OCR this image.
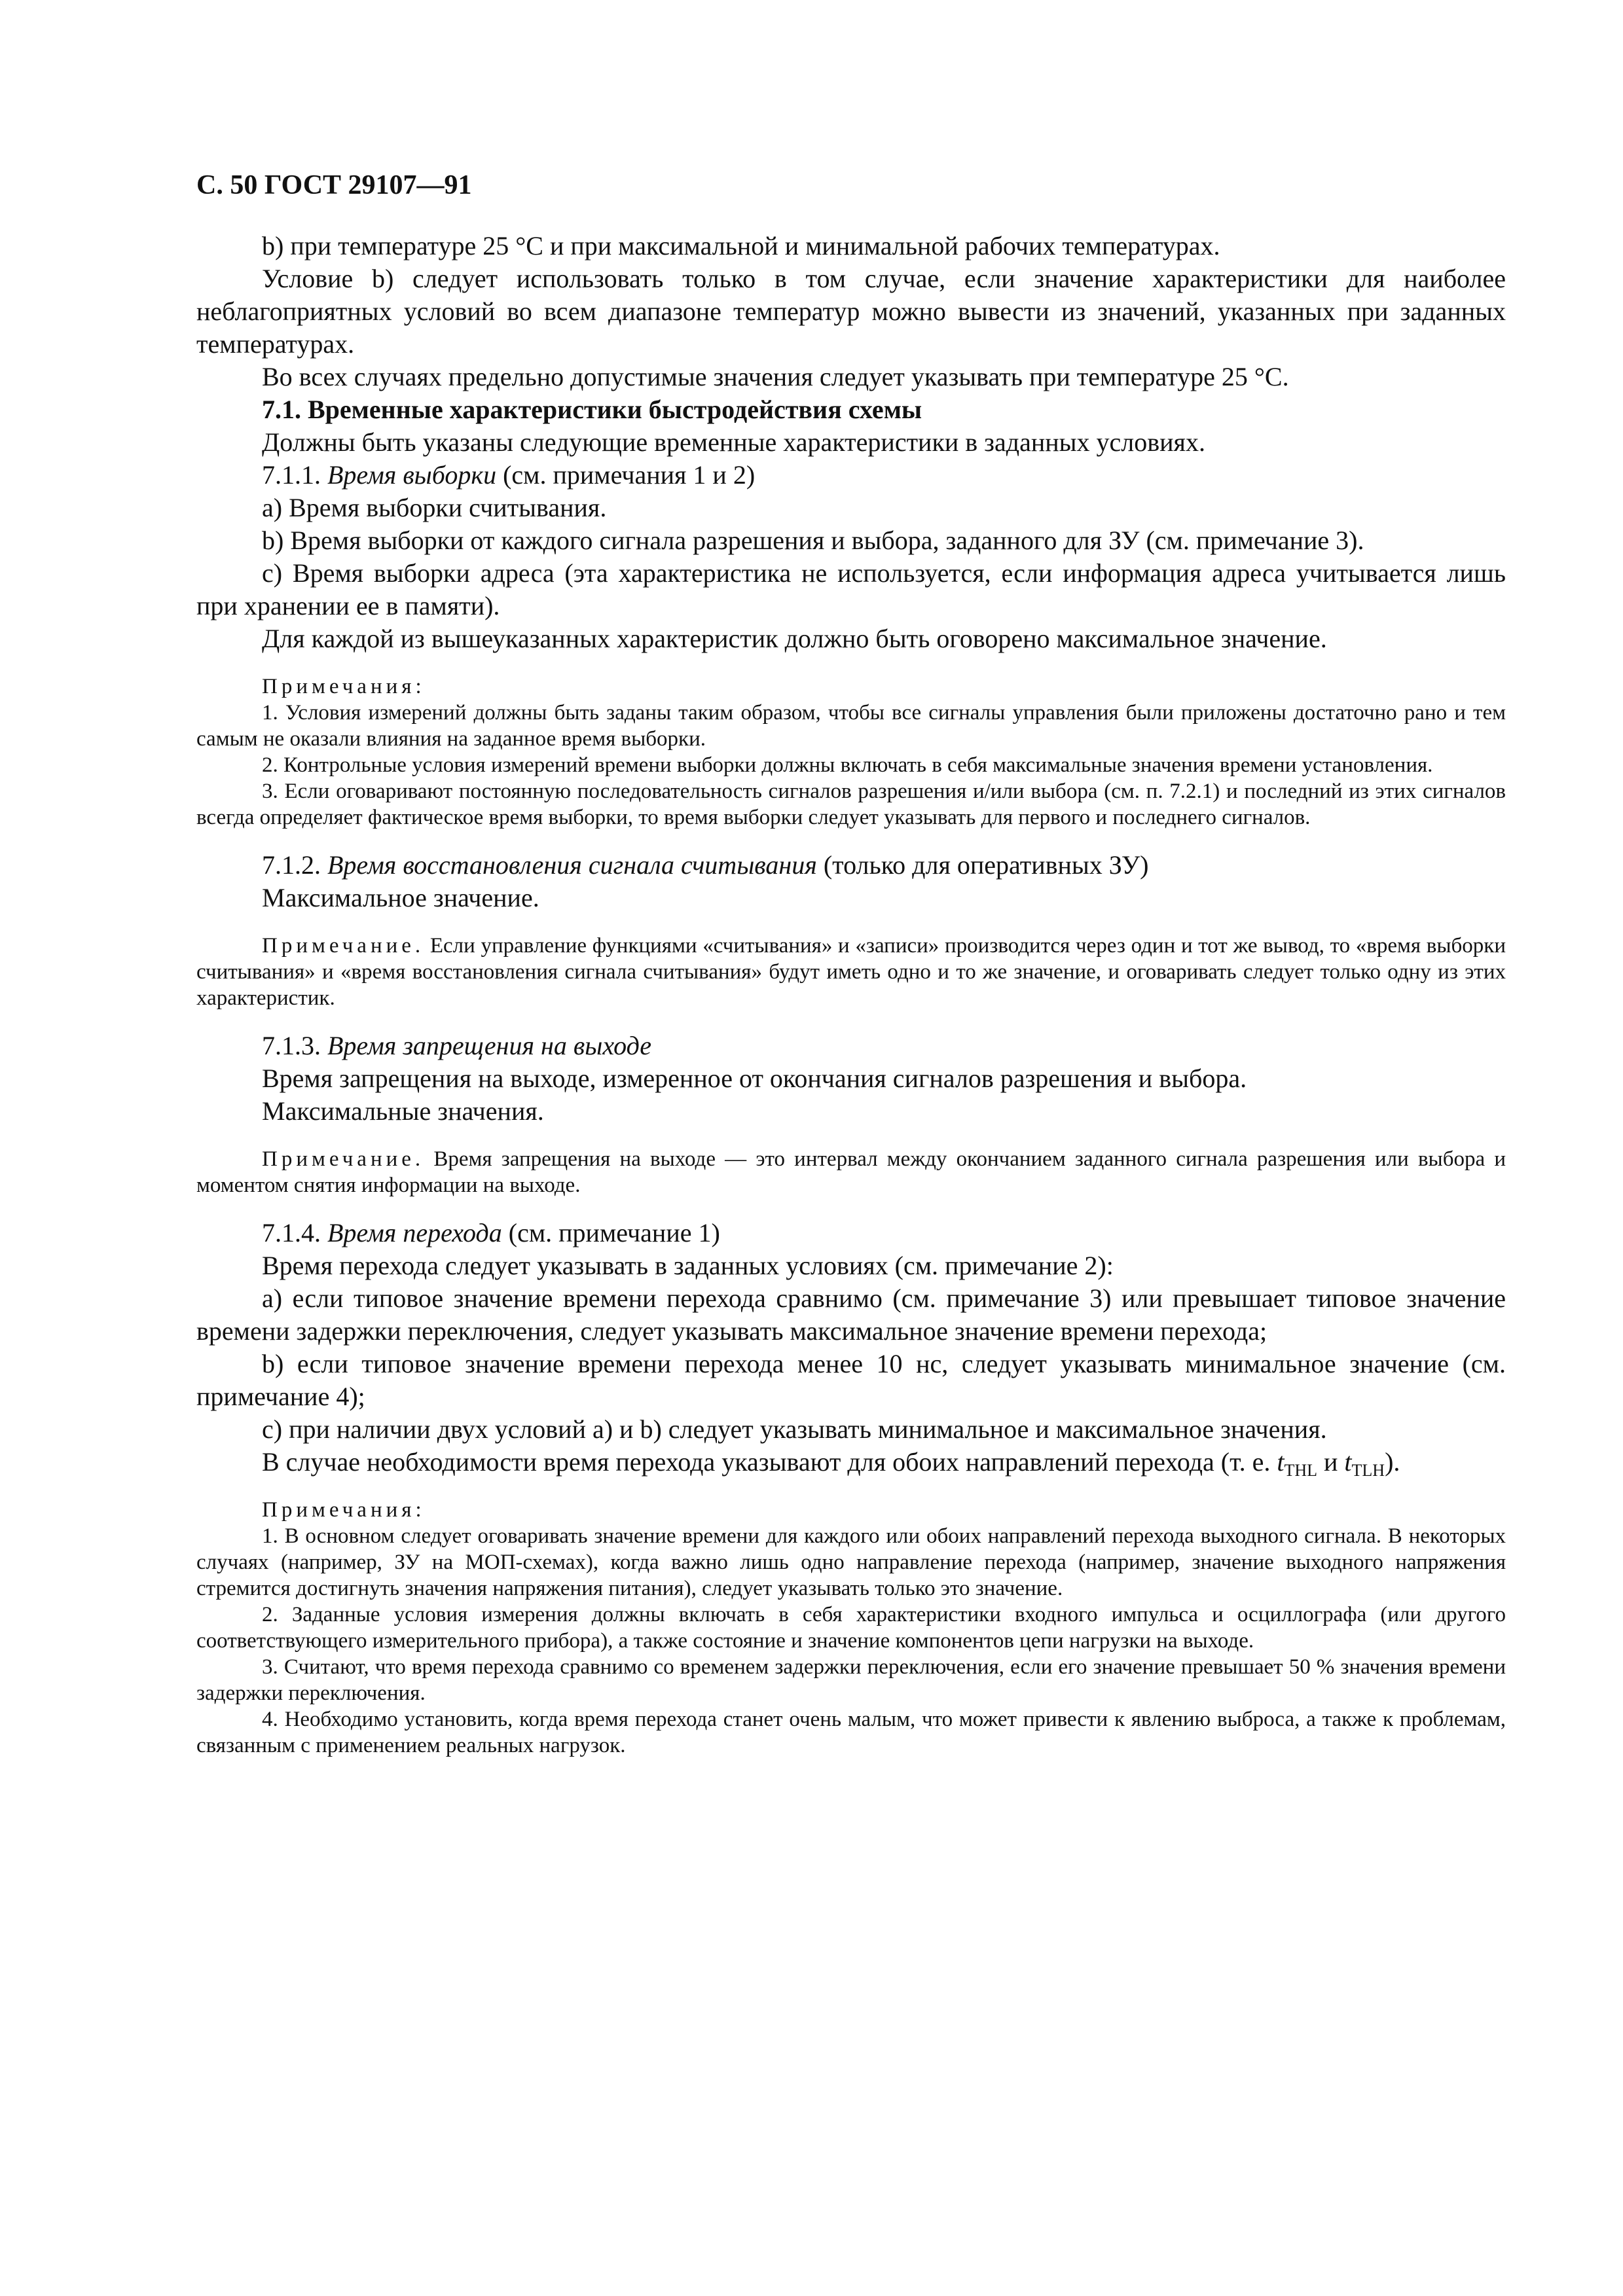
С. 50 ГОСТ 29107—91

b) при температуре 25 °С и при максимальной и минимальной рабочих температурах.

Условие b) следует использовать только в том случае, если значение характеристики для наиболее неблагоприятных условий во всем диапазоне температур можно вывести из значений, указанных при заданных температурах.

Во всех случаях предельно допустимые значения следует указывать при температуре 25 °С.

7.1. Временные характеристики быстродействия схемы

Должны быть указаны следующие временные характеристики в заданных условиях.

7.1.1. Время выборки (см. примечания 1 и 2)

a) Время выборки считывания.

b) Время выборки от каждого сигнала разрешения и выбора, заданного для ЗУ (см. примечание 3).

c) Время выборки адреса (эта характеристика не используется, если информация адреса учитывается лишь при хранении ее в памяти).

Для каждой из вышеуказанных характеристик должно быть оговорено максимальное значение.

Примечания:

1. Условия измерений должны быть заданы таким образом, чтобы все сигналы управления были приложены достаточно рано и тем самым не оказали влияния на заданное время выборки.

2. Контрольные условия измерений времени выборки должны включать в себя максимальные значения времени установления.

3. Если оговаривают постоянную последовательность сигналов разрешения и/или выбора (см. п. 7.2.1) и последний из этих сигналов всегда определяет фактическое время выборки, то время выборки следует указывать для первого и последнего сигналов.

7.1.2. Время восстановления сигнала считывания (только для оперативных ЗУ)

Максимальное значение.

Примечание. Если управление функциями «считывания» и «записи» производится через один и тот же вывод, то «время выборки считывания» и «время восстановления сигнала считывания» будут иметь одно и то же значение, и оговаривать следует только одну из этих характеристик.

7.1.3. Время запрещения на выходе

Время запрещения на выходе, измеренное от окончания сигналов разрешения и выбора.

Максимальные значения.

Примечание. Время запрещения на выходе — это интервал между окончанием заданного сигнала разрешения или выбора и моментом снятия информации на выходе.

7.1.4. Время перехода (см. примечание 1)

Время перехода следует указывать в заданных условиях (см. примечание 2):

a) если типовое значение времени перехода сравнимо (см. примечание 3) или превышает типовое значение времени задержки переключения, следует указывать максимальное значение времени перехода;

b) если типовое значение времени перехода менее 10 нс, следует указывать минимальное значение (см. примечание 4);

c) при наличии двух условий a) и b) следует указывать минимальное и максимальное значения.

В случае необходимости время перехода указывают для обоих направлений перехода (т. е. $t_{THL}$ и $t_{TLH}$).

Примечания:

1. В основном следует оговаривать значение времени для каждого или обоих направлений перехода выходного сигнала. В некоторых случаях (например, ЗУ на МОП-схемах), когда важно лишь одно направление перехода (например, значение выходного напряжения стремится достигнуть значения напряжения питания), следует указывать только это значение.

2. Заданные условия измерения должны включать в себя характеристики входного импульса и осциллографа (или другого соответствующего измерительного прибора), а также состояние и значение компонентов цепи нагрузки на выходе.

3. Считают, что время перехода сравнимо со временем задержки переключения, если его значение превышает 50 % значения времени задержки переключения.

4. Необходимо установить, когда время перехода станет очень малым, что может привести к явлению выброса, а также к проблемам, связанным с применением реальных нагрузок.
